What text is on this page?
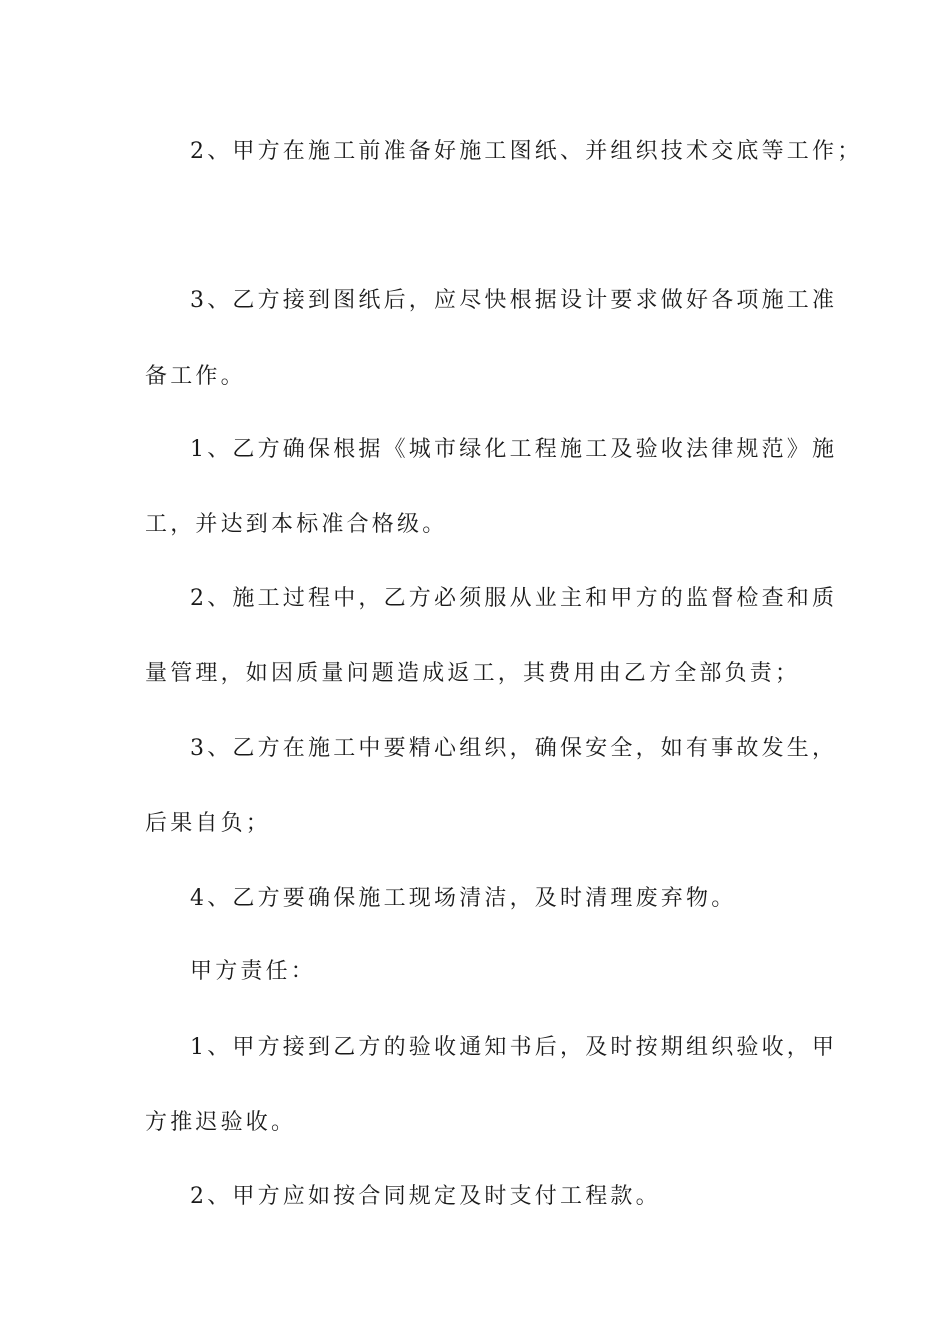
2、甲方在施工前准备好施工图纸、并组织技术交底等工作；
3、乙方接到图纸后，应尽快根据设计要求做好各项施工准
备工作。
1、乙方确保根据《城市绿化工程施工及验收法律规范》施
工，并达到本标准合格级。
2、施工过程中，乙方必须服从业主和甲方的监督检查和质
量管理，如因质量问题造成返工，其费用由乙方全部负责；
3、乙方在施工中要精心组织，确保安全，如有事故发生，
后果自负；
4、乙方要确保施工现场清洁，及时清理废弃物。
甲方责任：
1、甲方接到乙方的验收通知书后，及时按期组织验收，甲
方推迟验收。
2、甲方应如按合同规定及时支付工程款。
